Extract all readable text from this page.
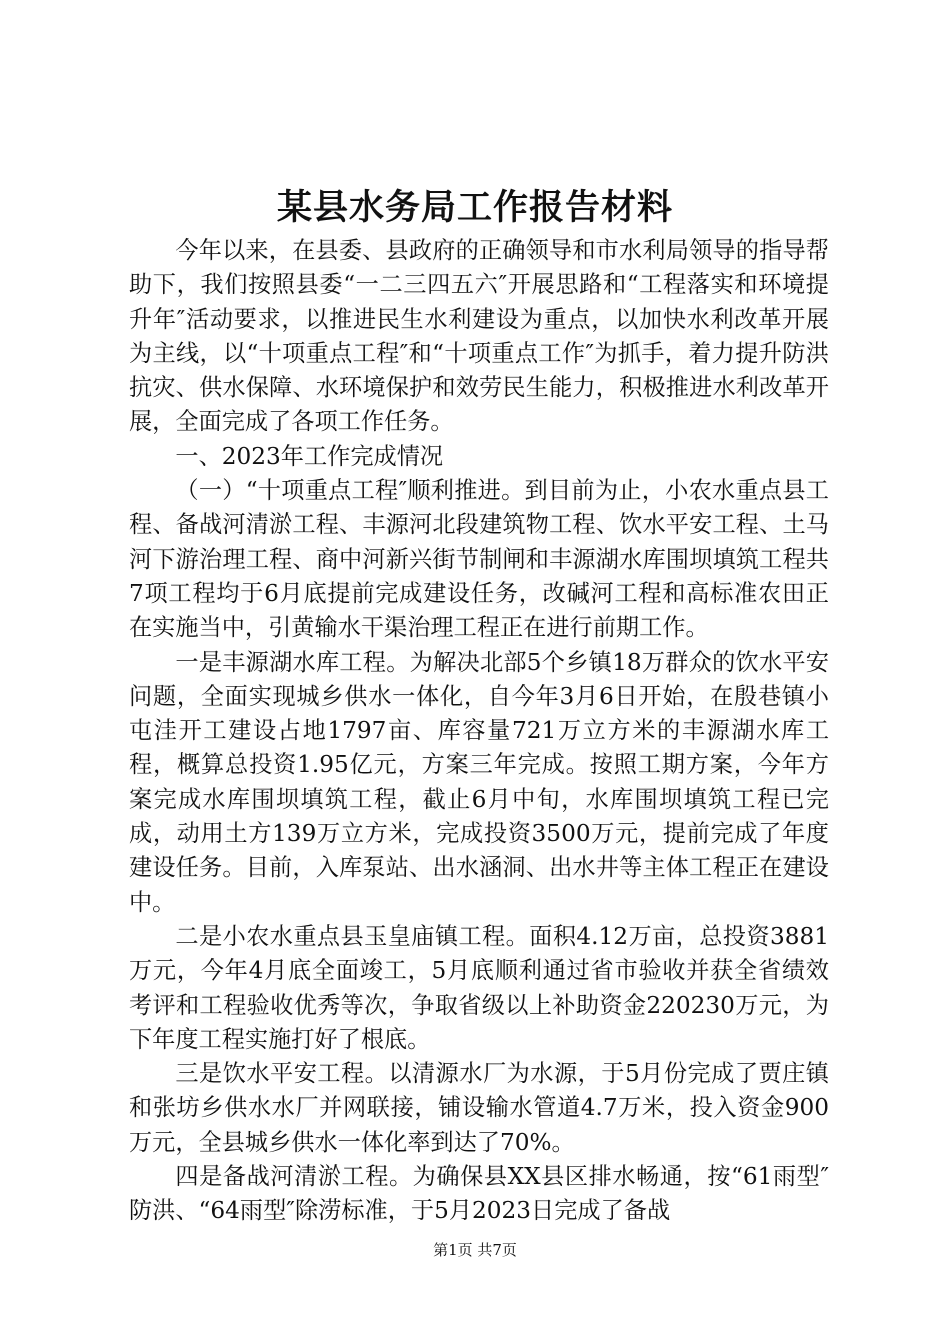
某县水务局工作报告材料

今年以来，在县委、县政府的正确领导和市水利局领导的指导帮助下，我们按照县委“一二三四五六″开展思路和“工程落实和环境提升年″活动要求，以推进民生水利建设为重点，以加快水利改革开展为主线，以“十项重点工程″和“十项重点工作″为抓手，着力提升防洪抗灾、供水保障、水环境保护和效劳民生能力，积极推进水利改革开展，全面完成了各项工作任务。

一、2023年工作完成情况

（一）“十项重点工程″顺利推进。到目前为止，小农水重点县工程、备战河清淤工程、丰源河北段建筑物工程、饮水平安工程、土马河下游治理工程、商中河新兴街节制闸和丰源湖水库围坝填筑工程共7项工程均于6月底提前完成建设任务，改碱河工程和高标准农田正在实施当中，引黄输水干渠治理工程正在进行前期工作。

一是丰源湖水库工程。为解决北部5个乡镇18万群众的饮水平安问题，全面实现城乡供水一体化，自今年3月6日开始，在殷巷镇小屯洼开工建设占地1797亩、库容量721万立方米的丰源湖水库工程，概算总投资1.95亿元，方案三年完成。按照工期方案，今年方案完成水库围坝填筑工程，截止6月中旬，水库围坝填筑工程已完成，动用土方139万立方米，完成投资3500万元，提前完成了年度建设任务。目前，入库泵站、出水涵洞、出水井等主体工程正在建设中。

二是小农水重点县玉皇庙镇工程。面积4.12万亩，总投资3881万元，今年4月底全面竣工，5月底顺利通过省市验收并获全省绩效考评和工程验收优秀等次，争取省级以上补助资金220230万元，为下年度工程实施打好了根底。

三是饮水平安工程。以清源水厂为水源，于5月份完成了贾庄镇和张坊乡供水水厂并网联接，铺设输水管道4.7万米，投入资金900万元，全县城乡供水一体化率到达了70%。

四是备战河清淤工程。为确保县XX县区排水畅通，按“61雨型″防洪、“64雨型″除涝标准，于5月2023日完成了备战

第1页 共7页
